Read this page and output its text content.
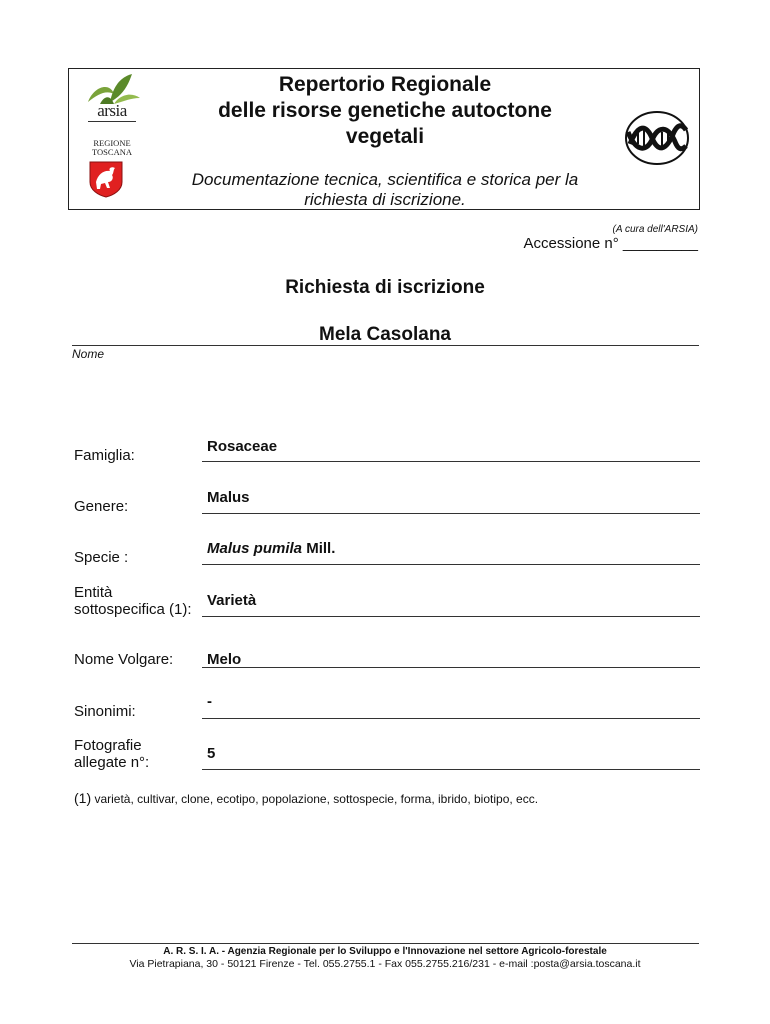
arsia
REGIONE
TOSCANA
Repertorio Regionale
delle risorse genetiche autoctone
vegetali
Documentazione tecnica, scientifica e storica per la
richiesta di iscrizione.
(A cura dell'ARSIA)
Accessione n° _________
Richiesta di iscrizione
Mela Casolana
Nome
Famiglia:
Rosaceae
Genere:
Malus
Specie :
Malus pumila Mill.
Entità
sottospecifica (1):
Varietà
Nome Volgare: Melo
Sinonimi:
-
Fotografie
allegate n°:
5
(1) varietà, cultivar, clone, ecotipo, popolazione, sottospecie, forma, ibrido, biotipo, ecc.
A. R. S. I. A. - Agenzia Regionale per lo Sviluppo e l'Innovazione nel settore Agricolo-forestale
Via Pietrapiana, 30 - 50121 Firenze - Tel. 055.2755.1 - Fax 055.2755.216/231 - e-mail :posta@arsia.toscana.it
